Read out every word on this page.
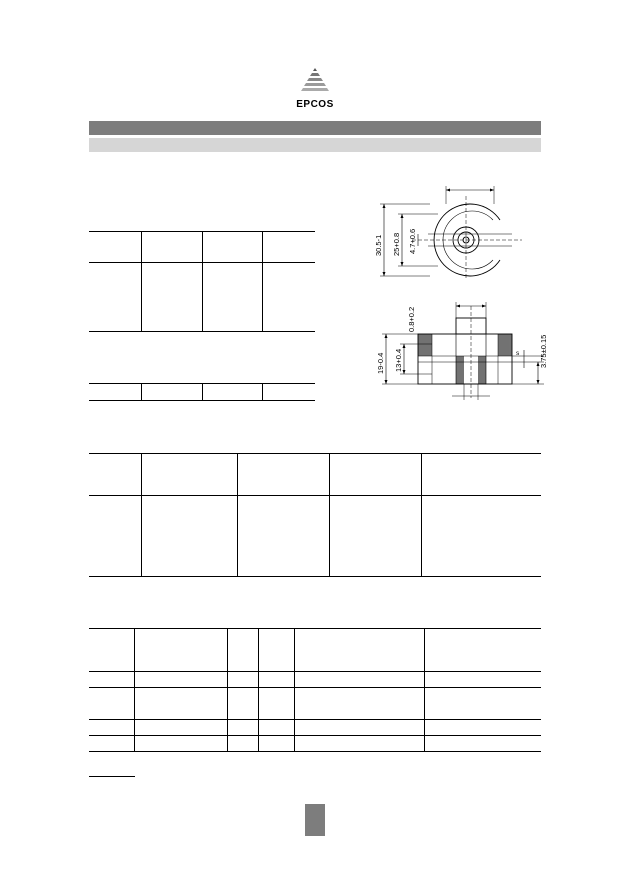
EPCOS
30.5-1 25+0.8 4.7+0.6
19-0.4 13+0.4
0.8+0.2
3.75±0.15
s
